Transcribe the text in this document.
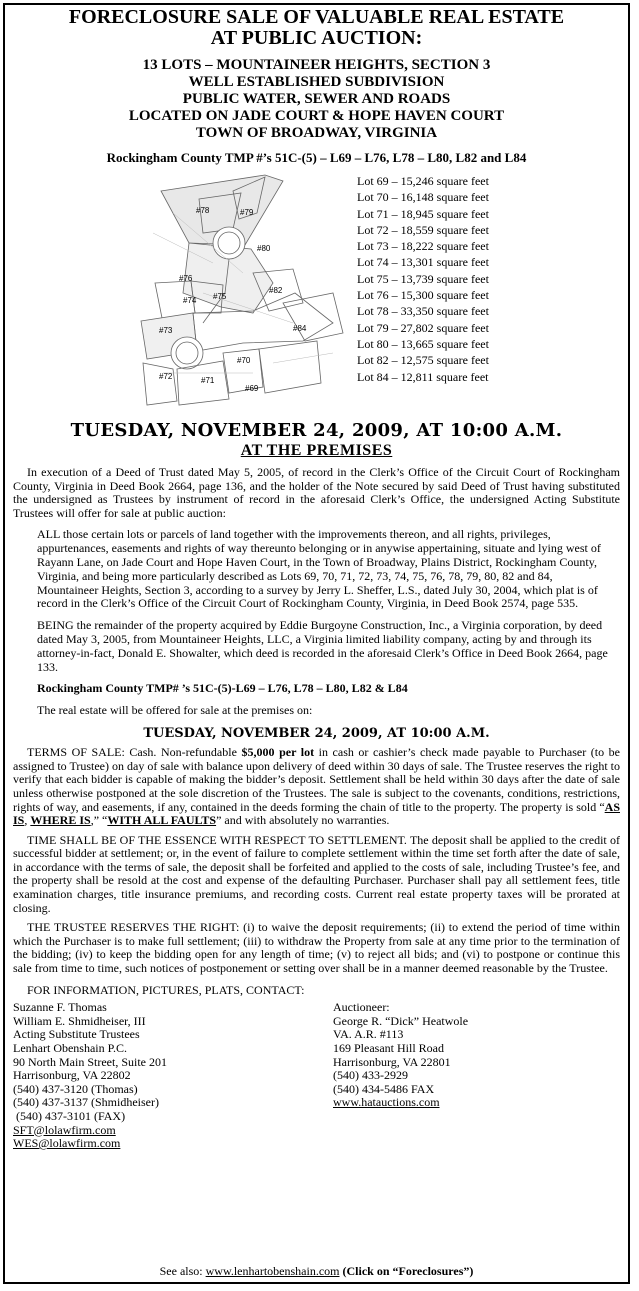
FORECLOSURE SALE OF VALUABLE REAL ESTATE
AT PUBLIC AUCTION:
13 LOTS – MOUNTAINEER HEIGHTS, SECTION 3
WELL ESTABLISHED SUBDIVISION
PUBLIC WATER, SEWER AND ROADS
LOCATED ON JADE COURT & HOPE HAVEN COURT
TOWN OF BROADWAY, VIRGINIA
Rockingham County TMP #’s 51C-(5) – L69 – L76, L78 – L80, L82 and L84
#78	#79
#80
#76
#75
#74
#82
#73	#84
#72	#71
#70
#69
Lot 69 – 15,246 square feet
Lot 70 – 16,148 square feet
Lot 71 – 18,945 square feet
Lot 72 – 18,559 square feet
Lot 73 – 18,222 square feet
Lot 74 – 13,301 square feet
Lot 75 – 13,739 square feet
Lot 76 – 15,300 square feet
Lot 78 – 33,350 square feet
Lot 79 – 27,802 square feet
Lot 80 – 13,665 square feet
Lot 82 – 12,575 square feet
Lot 84 – 12,811 square feet
TUESDAY, NOVEMBER 24, 2009, AT 10:00 A.M.
AT THE PREMISES

In execution of a Deed of Trust dated May 5, 2005, of record in the Clerk’s Office of the Circuit Court of Rockingham County, Virginia in Deed Book 2664, page 136, and the holder of the Note secured by said Deed of Trust having substituted the undersigned as Trustees by instrument of record in the aforesaid Clerk’s Office, the undersigned Acting Substitute Trustees will offer for sale at public auction:

ALL those certain lots or parcels of land together with the improvements thereon, and all rights, privileges, appurtenances, easements and rights of way thereunto belonging or in anywise appertaining, situate and lying west of Rayann Lane, on Jade Court and Hope Haven Court, in the Town of Broadway, Plains District, Rockingham County, Virginia, and being more particularly described as Lots 69, 70, 71, 72, 73, 74, 75, 76, 78, 79, 80, 82 and 84, Mountaineer Heights, Section 3, according to a survey by Jerry L. Sheffer, L.S., dated July 30, 2004, which plat is of record in the Clerk’s Office of the Circuit Court of Rockingham County, Virginia, in Deed Book 2574, page 535.

BEING the remainder of the property acquired by Eddie Burgoyne Construction, Inc., a Virginia corporation, by deed dated May 3, 2005, from Mountaineer Heights, LLC, a Virginia limited liability company, acting by and through its attorney-in-fact, Donald E. Showalter, which deed is recorded in the aforesaid Clerk’s Office in Deed Book 2664, page 133.

Rockingham County TMP# ’s 51C-(5)-L69 – L76, L78 – L80, L82 & L84
The real estate will be offered for sale at the premises on:
TUESDAY, NOVEMBER 24, 2009, AT 10:00 A.M.

TERMS OF SALE: Cash. Non-refundable $5,000 per lot in cash or cashier’s check made payable to Purchaser (to be assigned to Trustee) on day of sale with balance upon delivery of deed within 30 days of sale. The Trustee reserves the right to verify that each bidder is capable of making the bidder’s deposit. Settlement shall be held within 30 days after the date of sale unless otherwise postponed at the sole discretion of the Trustees. The sale is subject to the covenants, conditions, restrictions, rights of way, and easements, if any, contained in the deeds forming the chain of title to the property. The property is sold “AS IS, WHERE IS,” “WITH ALL FAULTS” and with absolutely no warranties.

TIME SHALL BE OF THE ESSENCE WITH RESPECT TO SETTLEMENT. The deposit shall be applied to the credit of successful bidder at settlement; or, in the event of failure to complete settlement within the time set forth after the date of sale, in accordance with the terms of sale, the deposit shall be forfeited and applied to the costs of sale, including Trustee’s fee, and the property shall be resold at the cost and expense of the defaulting Purchaser. Purchaser shall pay all settlement fees, title examination charges, title insurance premiums, and recording costs. Current real estate property taxes will be prorated at closing.

THE TRUSTEE RESERVES THE RIGHT: (i) to waive the deposit requirements; (ii) to extend the period of time within which the Purchaser is to make full settlement; (iii) to withdraw the Property from sale at any time prior to the termination of the bidding; (iv) to keep the bidding open for any length of time; (v) to reject all bids; and (vi) to postpone or continue this sale from time to time, such notices of postponement or setting over shall be in a manner deemed reasonable by the Trustee.

FOR INFORMATION, PICTURES, PLATS, CONTACT:
Suzanne F. Thomas
William E. Shmidheiser, III
Acting Substitute Trustees
Lenhart Obenshain P.C.
90 North Main Street, Suite 201
Harrisonburg, VA 22802
(540) 437-3120 (Thomas)
(540) 437-3137 (Shmidheiser)
(540) 437-3101 (FAX)
SFT@lolawfirm.com
WES@lolawfirm.com
Auctioneer:
George R. “Dick” Heatwole
VA. A.R. #113
169 Pleasant Hill Road
Harrisonburg, VA 22801
(540) 433-2929
(540) 434-5486 FAX
www.hatauctions.com
See also: www.lenhartobenshain.com (Click on “Foreclosures”)
